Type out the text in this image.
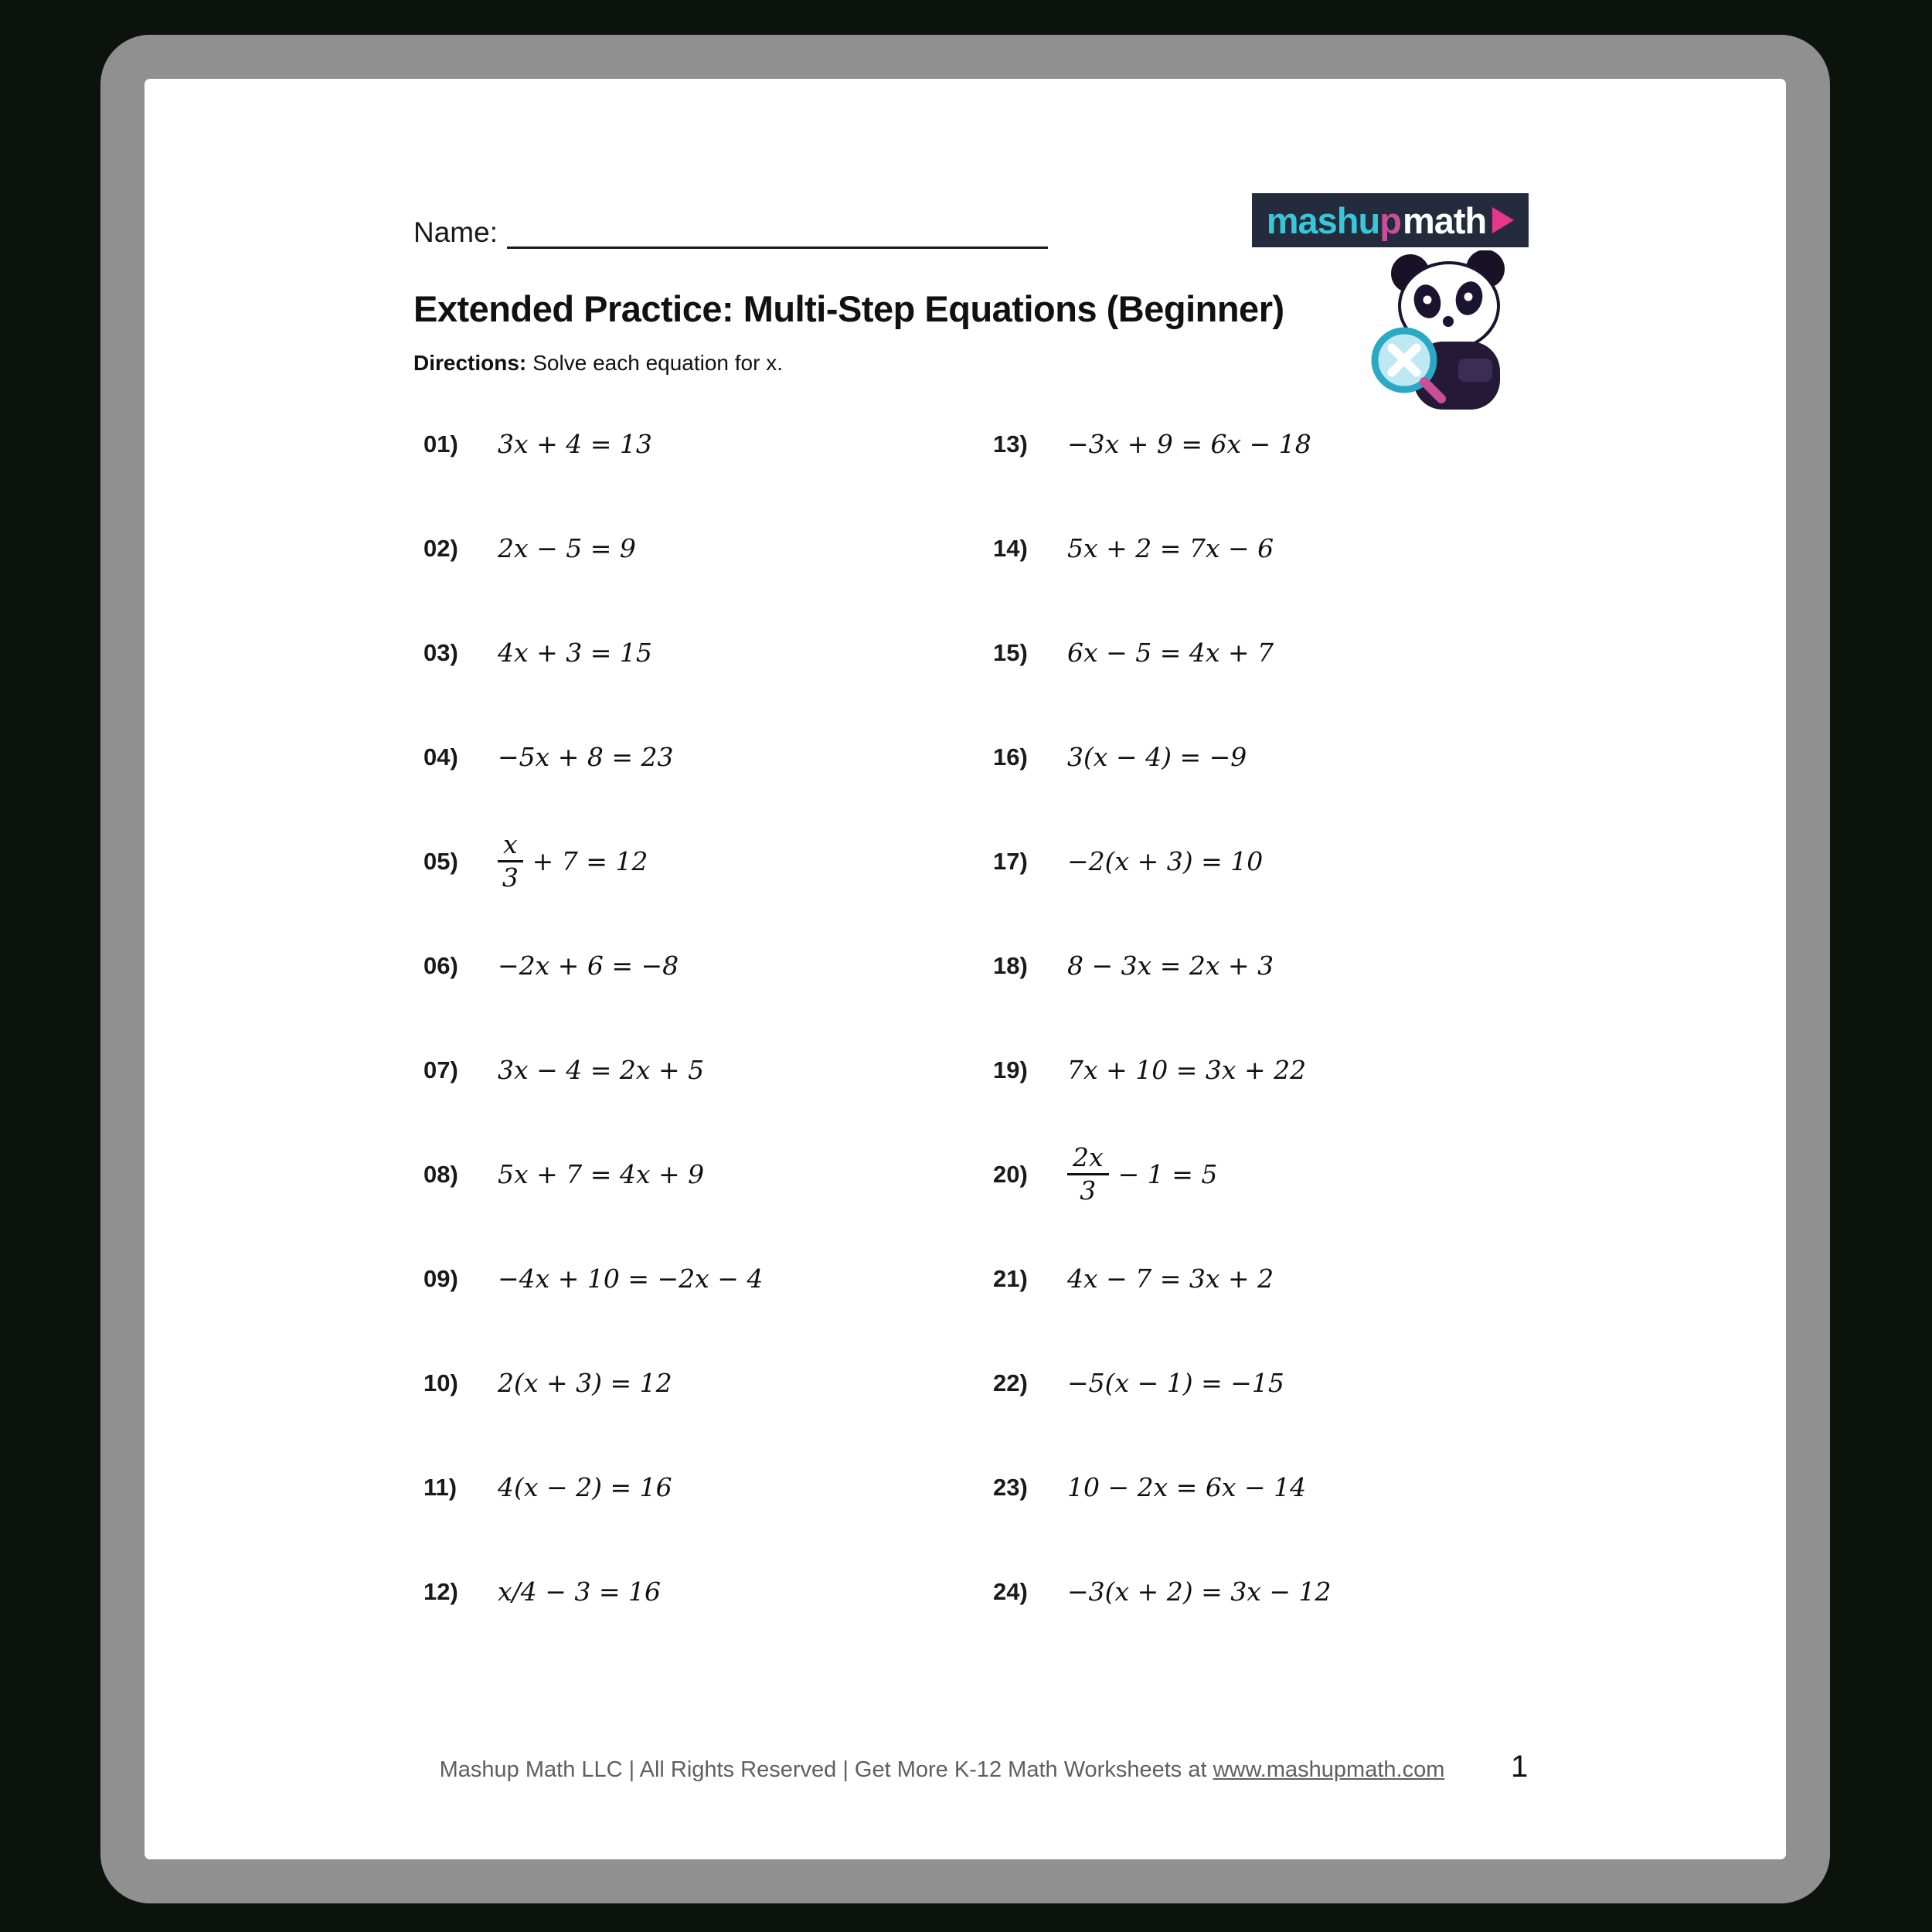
Name:	mashu p math
Extended Practice: Multi-Step Equations (Beginner)
Directions: Solve each equation for x.
01)	3x + 4 = 13
02)	2x − 5 = 9
03)	4x + 3 = 15
04)	−5x + 8 = 23
05)	$\frac{x}{3} + 7 = 12$
06)	−2x + 6 = −8
07)	3x − 4 = 2x + 5
08)	5x + 7 = 4x + 9
09)	−4x + 10 = −2x − 4
10)	2(x + 3) = 12
11)	4(x − 2) = 16
12)	x/4 − 3 = 16
13)	−3x + 9 = 6x − 18
14)	5x + 2 = 7x − 6
15)	6x − 5 = 4x + 7
16)	3(x − 4) = −9
17)	−2(x + 3) = 10
18)	8 − 3x = 2x + 3
19)	7x + 10 = 3x + 22
20)	$\frac{2x}{3} - 1 = 5$
21)	4x − 7 = 3x + 2
22)	−5(x − 1) = −15
23)	10 − 2x = 6x − 14
24)	−3(x + 2) = 3x − 12
Mashup Math LLC | All Rights Reserved | Get More K-12 Math Worksheets at www.mashupmath.com	1
